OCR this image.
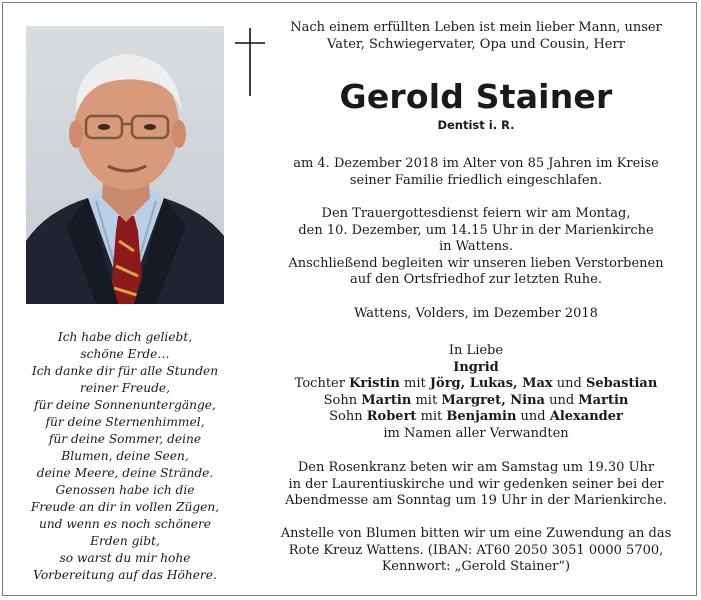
Nach einem erfüllten Leben ist mein lieber Mann, unser
Vater, Schwiegervater, Opa und Cousin, Herr
Gerold Stainer
Dentist i. R.
am 4. Dezember 2018 im Alter von 85 Jahren im Kreise
seiner Familie friedlich eingeschlafen.
Den Trauergottesdienst feiern wir am Montag,
den 10. Dezember, um 14.15 Uhr in der Marienkirche
in Wattens.
Anschließend begleiten wir unseren lieben Verstorbenen
auf den Ortsfriedhof zur letzten Ruhe.
Wattens, Volders, im Dezember 2018
In Liebe
Ingrid
Tochter Kristin mit Jörg, Lukas, Max und Sebastian
Sohn Martin mit Margret, Nina und Martin
Sohn Robert mit Benjamin und Alexander
im Namen aller Verwandten
Den Rosenkranz beten wir am Samstag um 19.30 Uhr
in der Laurentiuskirche und wir gedenken seiner bei der
Abendmesse am Sonntag um 19 Uhr in der Marienkirche.
Anstelle von Blumen bitten wir um eine Zuwendung an das
Rote Kreuz Wattens. (IBAN: AT60 2050 3051 0000 5700,
Kennwort: „Gerold Stainer“)
Ich habe dich geliebt,
schöne Erde…
Ich danke dir für alle Stunden
reiner Freude,
für deine Sonnenuntergänge,
für deine Sternenhimmel,
für deine Sommer, deine
Blumen, deine Seen,
deine Meere, deine Strände.
Genossen habe ich die
Freude an dir in vollen Zügen,
und wenn es noch schönere
Erden gibt,
so warst du mir hohe
Vorbereitung auf das Höhere.
